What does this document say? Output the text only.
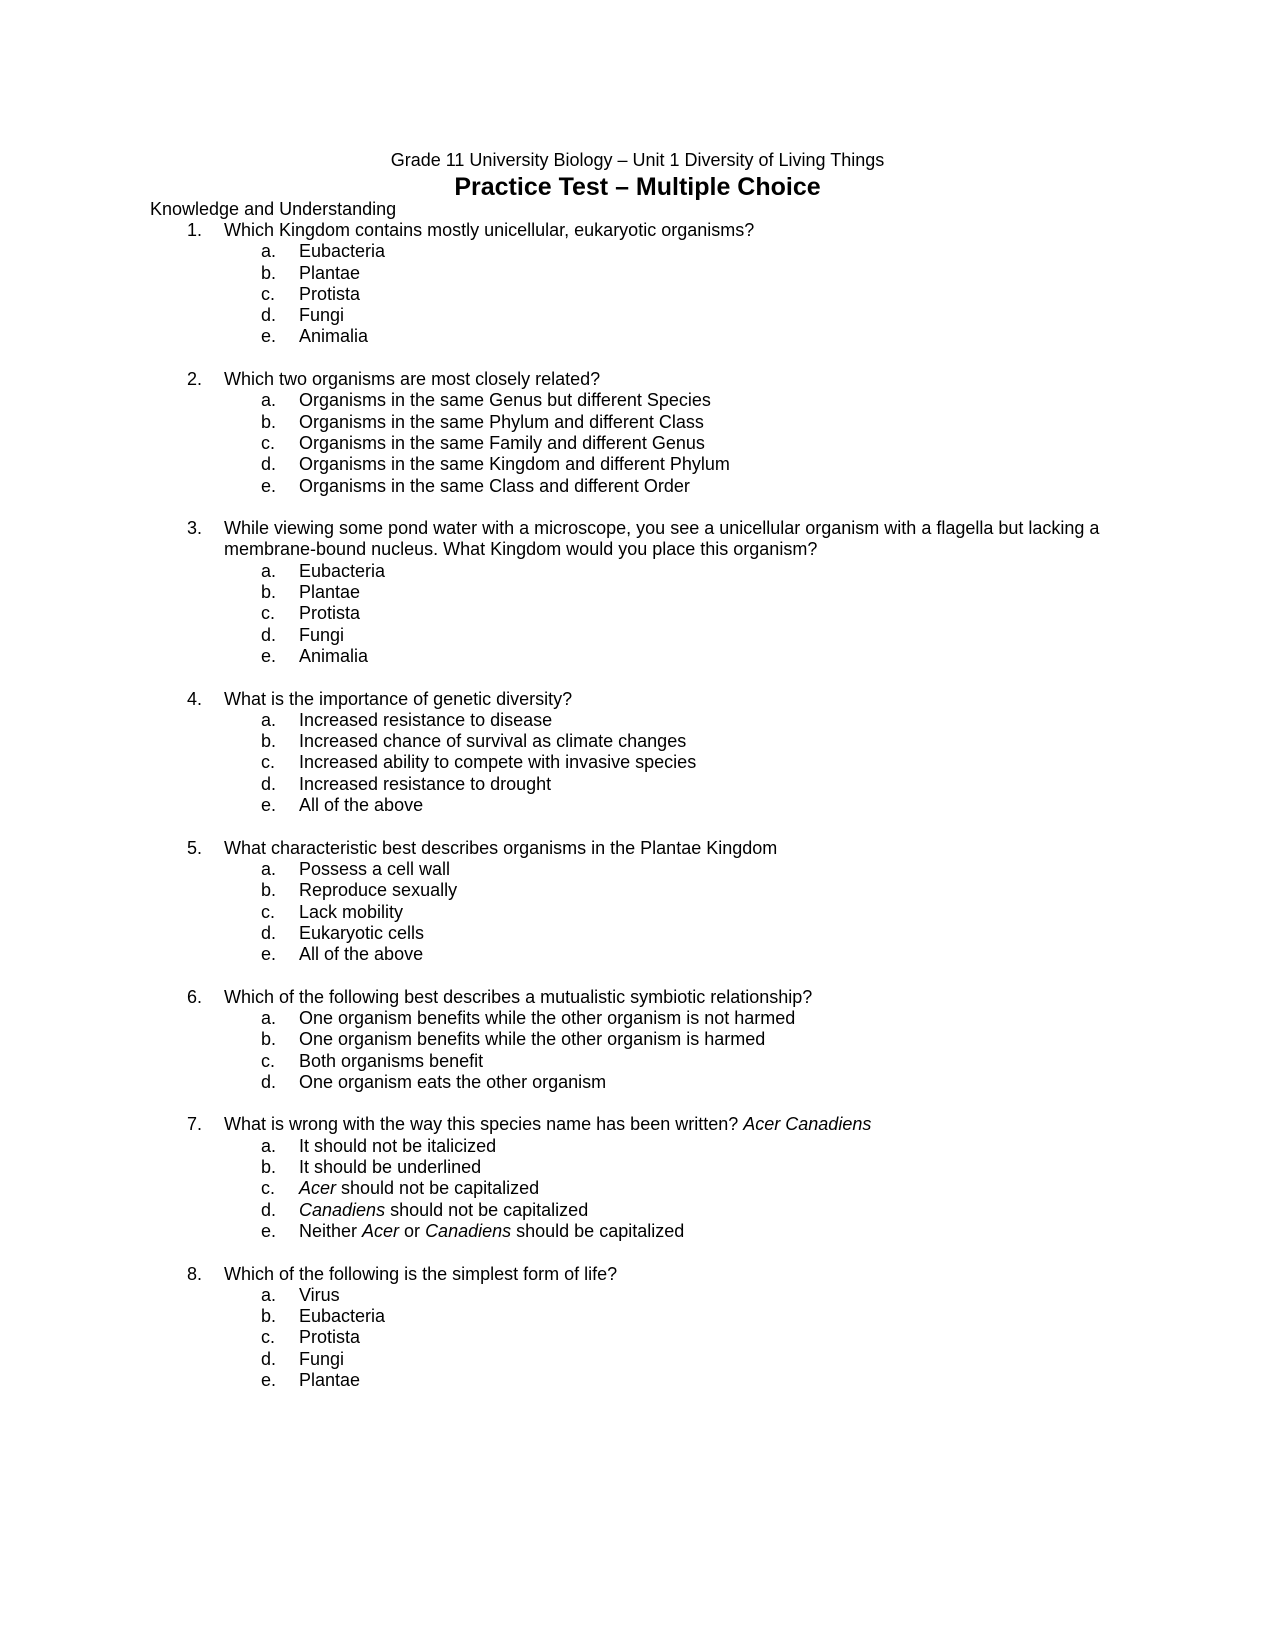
Grade 11 University Biology – Unit 1 Diversity of Living Things
Practice Test – Multiple Choice
Knowledge and Understanding
1. Which Kingdom contains mostly unicellular, eukaryotic organisms?
a. Eubacteria
b. Plantae
c. Protista
d. Fungi
e. Animalia
2. Which two organisms are most closely related?
a. Organisms in the same Genus but different Species
b. Organisms in the same Phylum and different Class
c. Organisms in the same Family and different Genus
d. Organisms in the same Kingdom and different Phylum
e. Organisms in the same Class and different Order
3. While viewing some pond water with a microscope, you see a unicellular organism with a flagella but lacking a membrane-bound nucleus. What Kingdom would you place this organism?
a. Eubacteria
b. Plantae
c. Protista
d. Fungi
e. Animalia
4. What is the importance of genetic diversity?
a. Increased resistance to disease
b. Increased chance of survival as climate changes
c. Increased ability to compete with invasive species
d. Increased resistance to drought
e. All of the above
5. What characteristic best describes organisms in the Plantae Kingdom
a. Possess a cell wall
b. Reproduce sexually
c. Lack mobility
d. Eukaryotic cells
e. All of the above
6. Which of the following best describes a mutualistic symbiotic relationship?
a. One organism benefits while the other organism is not harmed
b. One organism benefits while the other organism is harmed
c. Both organisms benefit
d. One organism eats the other organism
7. What is wrong with the way this species name has been written? Acer Canadiens
a. It should not be italicized
b. It should be underlined
c. Acer should not be capitalized
d. Canadiens should not be capitalized
e. Neither Acer or Canadiens should be capitalized
8. Which of the following is the simplest form of life?
a. Virus
b. Eubacteria
c. Protista
d. Fungi
e. Plantae
